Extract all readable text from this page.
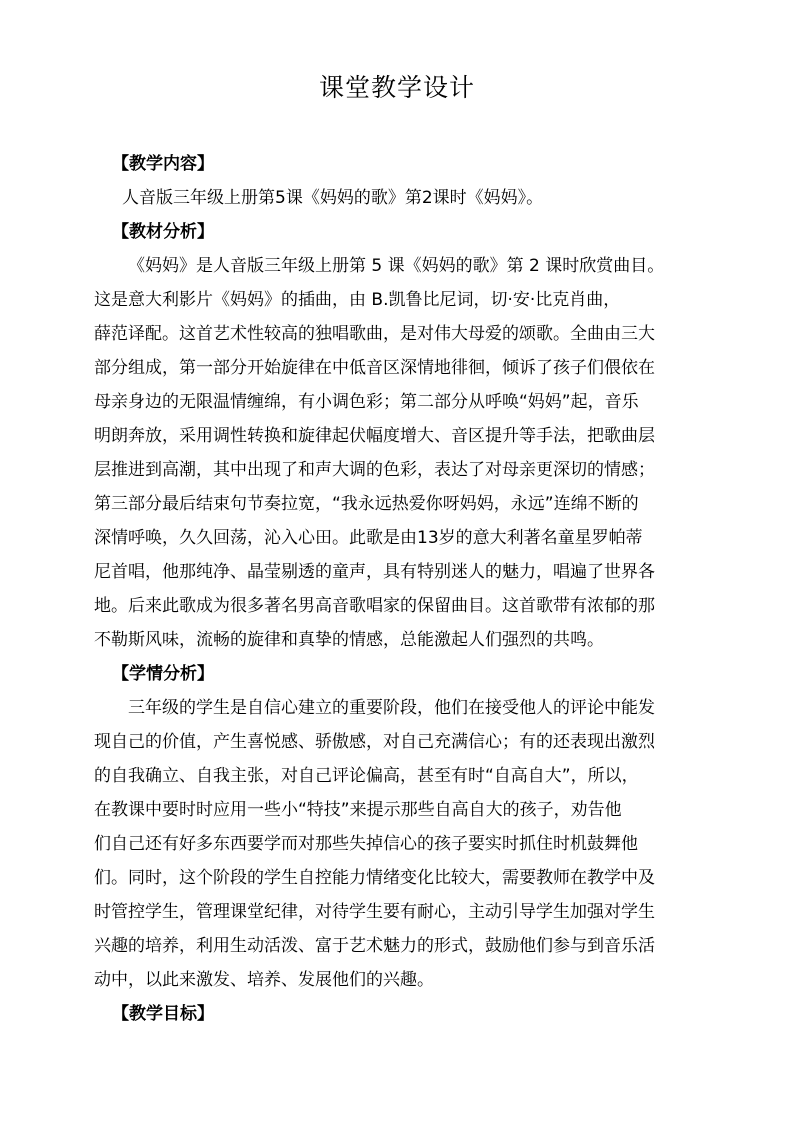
课堂教学设计
【教学内容】
人音版三年级上册第5课《妈妈的歌》第2课时《妈妈》。
【教材分析】
《妈妈》是人音版三年级上册第 5 课《妈妈的歌》第 2 课时欣赏曲目。
这是意大利影片《妈妈》的插曲，由 B.凯鲁比尼词，切·安·比克肖曲，
薛范译配。这首艺术性较高的独唱歌曲，是对伟大母爱的颂歌。全曲由三大
部分组成，第一部分开始旋律在中低音区深情地徘徊，倾诉了孩子们偎依在
母亲身边的无限温情缠绵，有小调色彩；第二部分从呼唤“妈妈”起，音乐
明朗奔放，采用调性转换和旋律起伏幅度增大、音区提升等手法，把歌曲层
层推进到高潮，其中出现了和声大调的色彩，表达了对母亲更深切的情感；
第三部分最后结束句节奏拉宽，“我永远热爱你呀妈妈，永远”连绵不断的
深情呼唤，久久回荡，沁入心田。此歌是由13岁的意大利著名童星罗帕蒂
尼首唱，他那纯净、晶莹剔透的童声，具有特别迷人的魅力，唱遍了世界各
地。后来此歌成为很多著名男高音歌唱家的保留曲目。这首歌带有浓郁的那
不勒斯风味，流畅的旋律和真挚的情感，总能激起人们强烈的共鸣。
【学情分析】
三年级的学生是自信心建立的重要阶段，他们在接受他人的评论中能发
现自己的价值，产生喜悦感、骄傲感，对自己充满信心；有的还表现出激烈
的自我确立、自我主张，对自己评论偏高，甚至有时“自高自大”，所以，
在教课中要时时应用一些小“特技”来提示那些自高自大的孩子，劝告他
们自己还有好多东西要学而对那些失掉信心的孩子要实时抓住时机鼓舞他
们。同时，这个阶段的学生自控能力情绪变化比较大，需要教师在教学中及
时管控学生，管理课堂纪律，对待学生要有耐心，主动引导学生加强对学生
兴趣的培养，利用生动活泼、富于艺术魅力的形式，鼓励他们参与到音乐活
动中，以此来激发、培养、发展他们的兴趣。
【教学目标】
